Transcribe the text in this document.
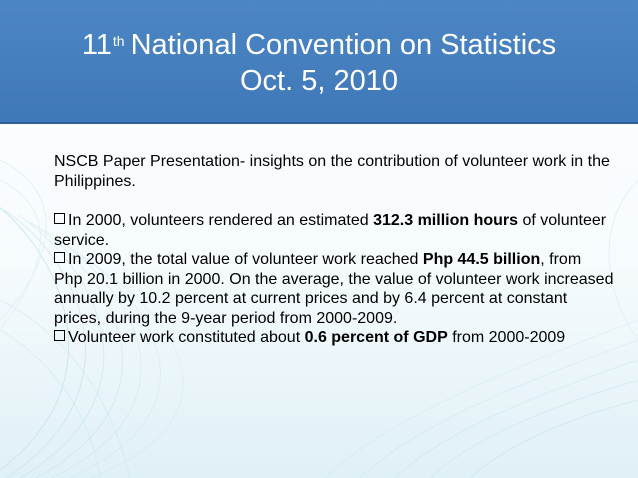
11th National Convention on Statistics
Oct. 5, 2010

NSCB Paper Presentation- insights on the contribution of volunteer work in the Philippines.

In 2000, volunteers rendered an estimated 312.3 million hours of volunteer service.

In 2009, the total value of volunteer work reached Php 44.5 billion, from Php 20.1 billion in 2000. On the average, the value of volunteer work increased annually by 10.2 percent at current prices and by 6.4 percent at constant prices, during the 9-year period from 2000-2009.

Volunteer work constituted about 0.6 percent of GDP from 2000-2009
